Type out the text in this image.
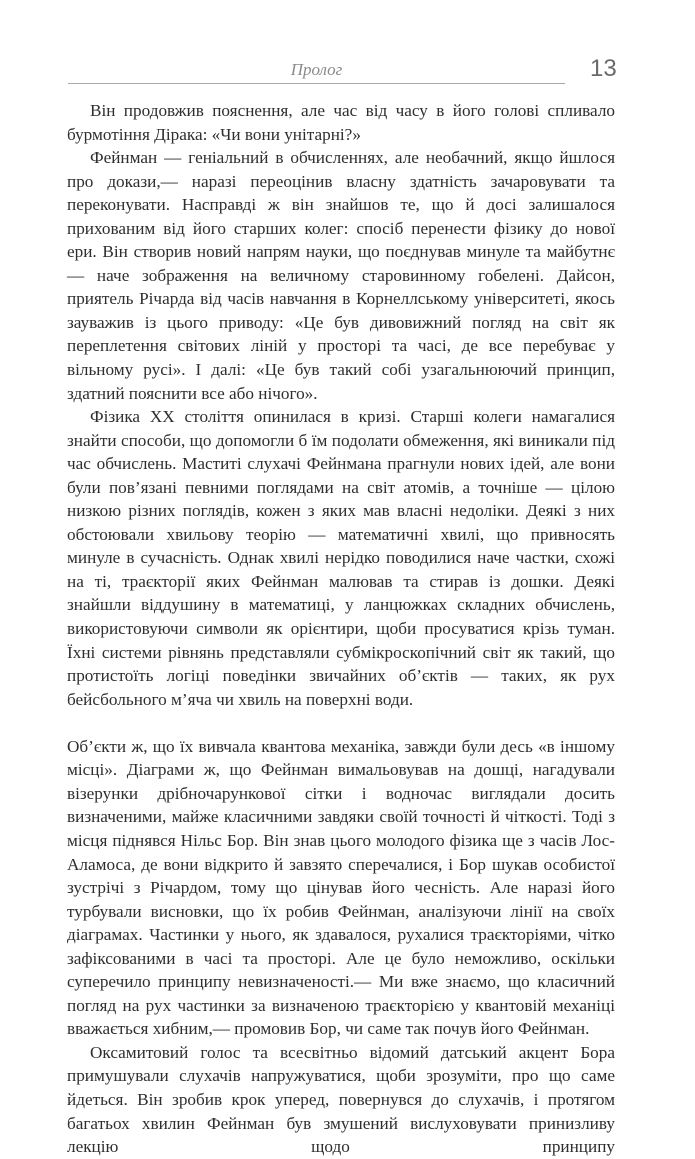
Пролог	13

Він продовжив пояснення, але час від часу в його голові спливало бурмотіння Дірака: «Чи вони унітарні?»

Фейнман — геніальний в обчисленнях, але необачний, якщо йшлося про докази,— наразі переоцінив власну здатність зачаровувати та переконувати. Насправді ж він знайшов те, що й досі залишалося прихованим від його старших колег: спосіб перенести фізику до нової ери. Він створив новий напрям науки, що поєднував минуле та майбутнє — наче зображення на величному старовинному гобелені. Дайсон, приятель Річарда від часів навчання в Корнеллському університеті, якось зауважив із цього приводу: «Це був дивовижний погляд на світ як переплетення світових ліній у просторі та часі, де все перебуває у вільному русі». І далі: «Це був такий собі узагальнюючий принцип, здатний пояснити все або нічого».

Фізика XX століття опинилася в кризі. Старші колеги намагалися знайти способи, що допомогли б їм подолати обмеження, які виникали під час обчислень. Маститі слухачі Фейнмана прагнули нових ідей, але вони були пов’язані певними поглядами на світ атомів, а точніше — цілою низкою різних поглядів, кожен з яких мав власні недоліки. Деякі з них обстоювали хвильову теорію — математичні хвилі, що привносять минуле в сучасність. Однак хвилі нерідко поводилися наче частки, схожі на ті, траєкторії яких Фейнман малював та стирав із дошки. Деякі знайшли віддушину в математиці, у ланцюжках складних обчислень, використовуючи символи як орієнтири, щоби просуватися крізь туман. Їхні системи рівнянь представляли субмікроскопічний світ як такий, що протистоїть логіці поведінки звичайних об’єктів — таких, як рух бейсбольного м’яча чи хвиль на поверхні води.

Об’єкти ж, що їх вивчала квантова механіка, завжди були десь «в іншому місці». Діаграми ж, що Фейнман вимальовував на дошці, нагадували візерунки дрібночарункової сітки і водночас виглядали досить визначеними, майже класичними завдяки своїй точності й чіткості. Тоді з місця піднявся Нільс Бор. Він знав цього молодого фізика ще з часів Лос-Аламоса, де вони відкрито й завзято сперечалися, і Бор шукав особистої зустрічі з Річардом, тому що цінував його чесність. Але наразі його турбували висновки, що їх робив Фейнман, аналізуючи лінії на своїх діаграмах. Частинки у нього, як здавалося, рухалися траєкторіями, чітко зафіксованими в часі та просторі. Але це було неможливо, оскільки суперечило принципу невизначеності.— Ми вже знаємо, що класичний погляд на рух частинки за визначеною траєкторією у квантовій механіці вважається хибним,— промовив Бор, чи саме так почув його Фейнман.

Оксамитовий голос та всесвітньо відомий датський акцент Бора примушували слухачів напружуватися, щоби зрозуміти, про що саме йдеться. Він зробив крок уперед, повернувся до слухачів, і протягом багатьох хвилин Фейнман був змушений вислуховувати принизливу лекцію щодо принципу
